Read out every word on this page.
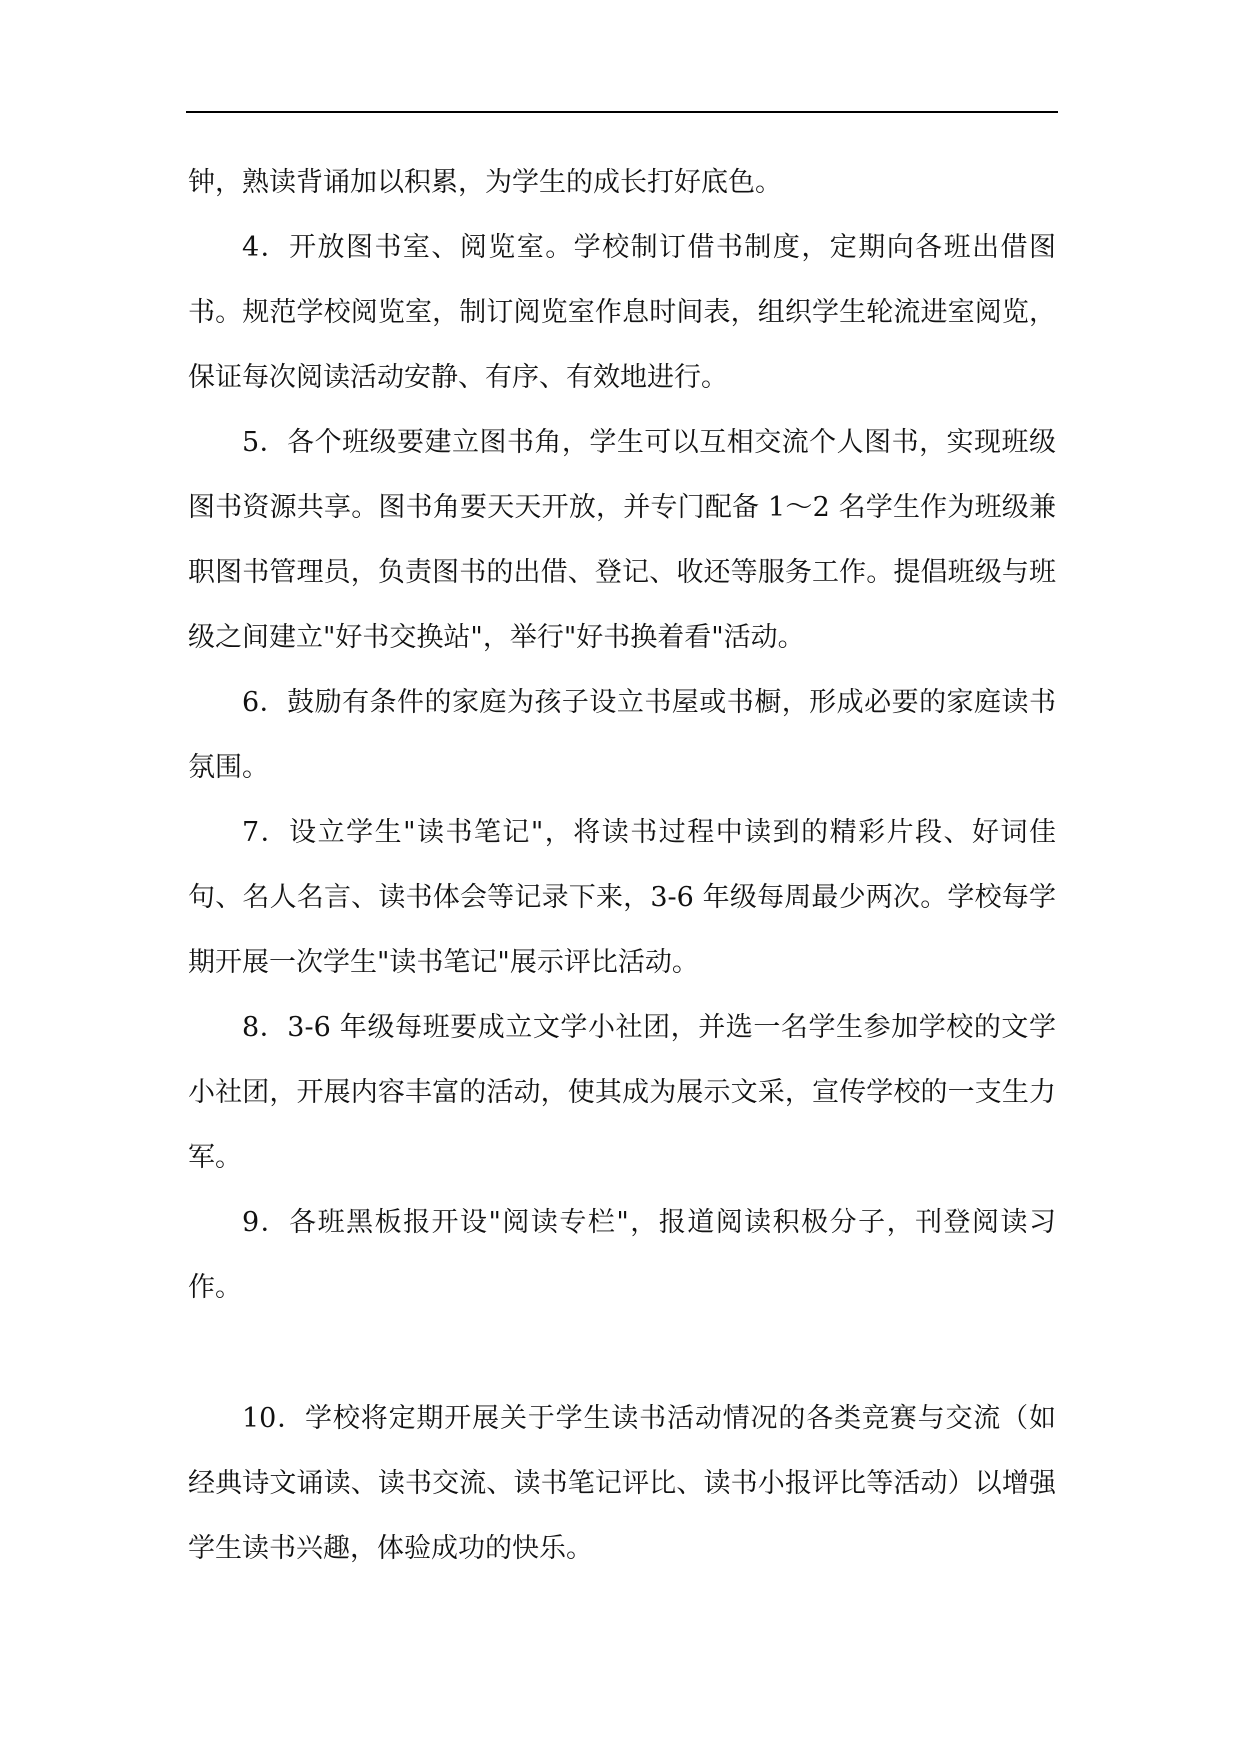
钟，熟读背诵加以积累，为学生的成长打好底色。

4．开放图书室、阅览室。学校制订借书制度，定期向各班出借图书。规范学校阅览室，制订阅览室作息时间表，组织学生轮流进室阅览，保证每次阅读活动安静、有序、有效地进行。

5．各个班级要建立图书角，学生可以互相交流个人图书，实现班级图书资源共享。图书角要天天开放，并专门配备 1～2 名学生作为班级兼职图书管理员，负责图书的出借、登记、收还等服务工作。提倡班级与班级之间建立"好书交换站"，举行"好书换着看"活动。

6．鼓励有条件的家庭为孩子设立书屋或书橱，形成必要的家庭读书氛围。

7．设立学生"读书笔记"，将读书过程中读到的精彩片段、好词佳句、名人名言、读书体会等记录下来，3-6 年级每周最少两次。学校每学期开展一次学生"读书笔记"展示评比活动。

8．3-6 年级每班要成立文学小社团，并选一名学生参加学校的文学小社团，开展内容丰富的活动，使其成为展示文采，宣传学校的一支生力军。

9．各班黑板报开设"阅读专栏"，报道阅读积极分子，刊登阅读习作。

10．学校将定期开展关于学生读书活动情况的各类竞赛与交流（如经典诗文诵读、读书交流、读书笔记评比、读书小报评比等活动）以增强学生读书兴趣，体验成功的快乐。
